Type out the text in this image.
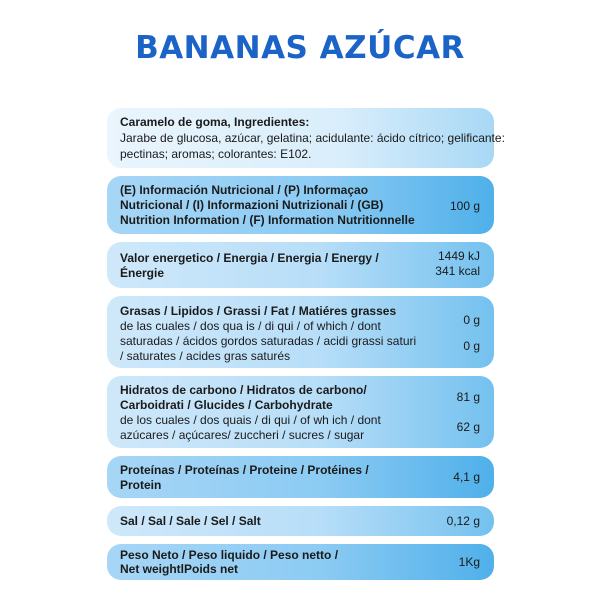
BANANAS AZÚCAR
Caramelo de goma, Ingredientes:
Jarabe de glucosa, azúcar, gelatina; acidulante: ácido cítrico; gelificante:
pectinas; aromas; colorantes: E102.
(E) Información Nutricional / (P) Informaçao
Nutricional / (I) Informazioni Nutrizionali / (GB)
Nutrition Information / (F) Information Nutritionnelle
100 g
Valor energetico / Energia / Energia / Energy /
Énergie
1449 kJ
341 kcal
Grasas / Lipidos / Grassi / Fat / Matiéres grasses
de las cuales / dos qua is / di qui / of which / dont
saturadas / ácidos gordos saturadas / acidi grassi saturi
/ saturates / acides gras saturés
0 g
0 g
Hidratos de carbono / Hidratos de carbono/
Carboidrati / Glucides / Carbohydrate
de los cuales / dos quais / di qui / of wh ich / dont
azúcares / açúcares/ zuccheri / sucres / sugar
81 g
62 g
Proteínas / Proteínas / Proteine / Protéines /
Protein
4,1 g
Sal / Sal / Sale / Sel / Salt	0,12 g
Peso Neto / Peso liquido / Peso netto /
Net weightlPoids net	1Kg
